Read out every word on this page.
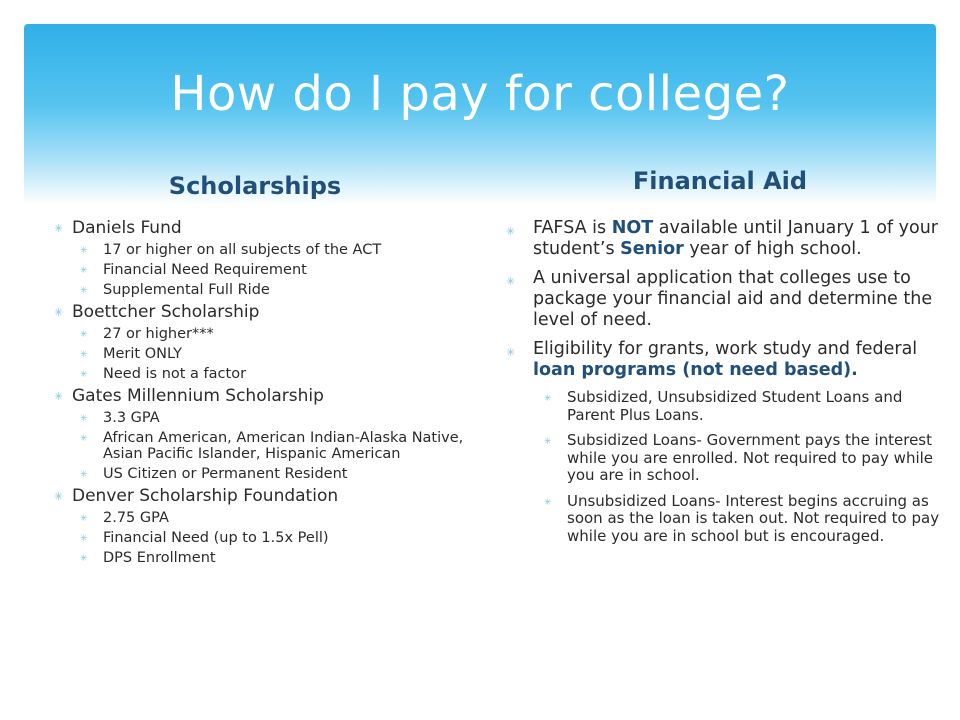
How do I pay for college?
Scholarships	Financial Aid
✳ Daniels Fund
✳ 17 or higher on all subjects of the ACT
✳ Financial Need Requirement
✳ Supplemental Full Ride
✳ Boettcher Scholarship
✳ 27 or higher***
✳ Merit ONLY
✳ Need is not a factor
✳ Gates Millennium Scholarship
✳ 3.3 GPA
✳ African American, American Indian-Alaska Native, Asian Pacific Islander, Hispanic American
✳ US Citizen or Permanent Resident
✳ Denver Scholarship Foundation
✳ 2.75 GPA
✳ Financial Need (up to 1.5x Pell)
✳ DPS Enrollment
✳ FAFSA is NOT available until January 1 of your student’s Senior year of high school.
✳ A universal application that colleges use to package your financial aid and determine the level of need.
✳ Eligibility for grants, work study and federal loan programs (not need based).
✳ Subsidized, Unsubsidized Student Loans and Parent Plus Loans.
✳ Subsidized Loans- Government pays the interest while you are enrolled. Not required to pay while you are in school.
✳ Unsubsidized Loans- Interest begins accruing as soon as the loan is taken out. Not required to pay while you are in school but is encouraged.
